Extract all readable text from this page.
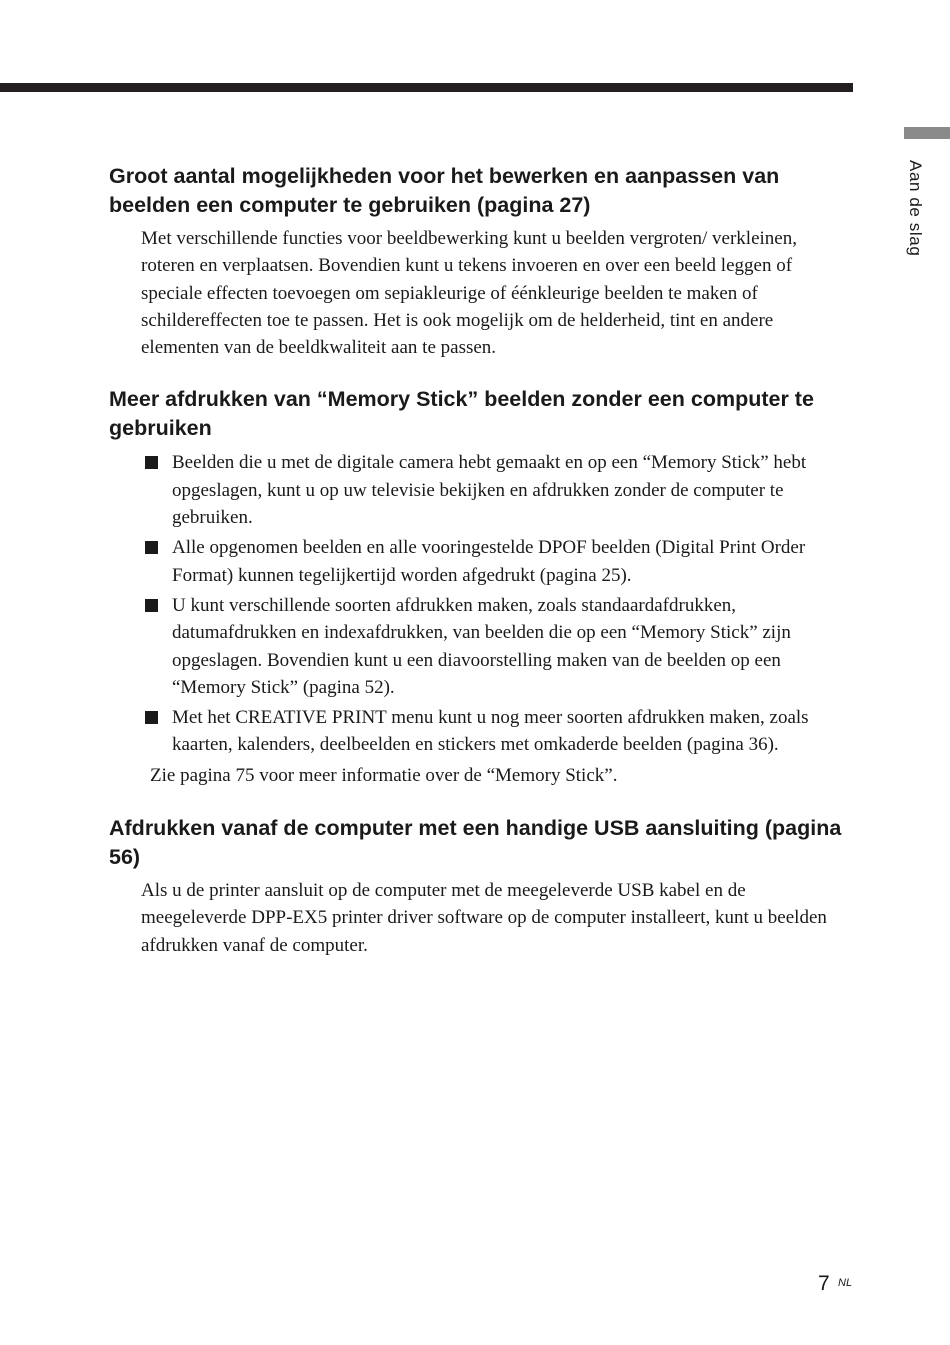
Aan de slag
Groot aantal mogelijkheden voor het bewerken en aanpassen van beelden een computer te gebruiken (pagina 27)

Met verschillende functies voor beeldbewerking kunt u beelden vergroten/ verkleinen, roteren en verplaatsen. Bovendien kunt u tekens invoeren en over een beeld leggen of speciale effecten toevoegen om sepiakleurige of éénkleurige beelden te maken of schildereffecten toe te passen. Het is ook mogelijk om de helderheid, tint en andere elementen van de beeldkwaliteit aan te passen.

Meer afdrukken van “Memory Stick” beelden zonder een computer te gebruiken
Beelden die u met de digitale camera hebt gemaakt en op een “Memory Stick” hebt opgeslagen, kunt u op uw televisie bekijken en afdrukken zonder de computer te gebruiken.
Alle opgenomen beelden en alle vooringestelde DPOF beelden (Digital Print Order Format) kunnen tegelijkertijd worden afgedrukt (pagina 25).
U kunt verschillende soorten afdrukken maken, zoals standaardafdrukken, datumafdrukken en indexafdrukken, van beelden die op een “Memory Stick” zijn opgeslagen. Bovendien kunt u een diavoorstelling maken van de beelden op een “Memory Stick” (pagina 52).
Met het CREATIVE PRINT menu kunt u nog meer soorten afdrukken maken, zoals kaarten, kalenders, deelbeelden en stickers met omkaderde beelden (pagina 36).

Zie pagina 75 voor meer informatie over de “Memory Stick”.

Afdrukken vanaf de computer met een handige USB aansluiting (pagina 56)

Als u de printer aansluit op de computer met de meegeleverde USB kabel en de meegeleverde DPP-EX5 printer driver software op de computer installeert, kunt u beelden afdrukken vanaf de computer.

7 NL
